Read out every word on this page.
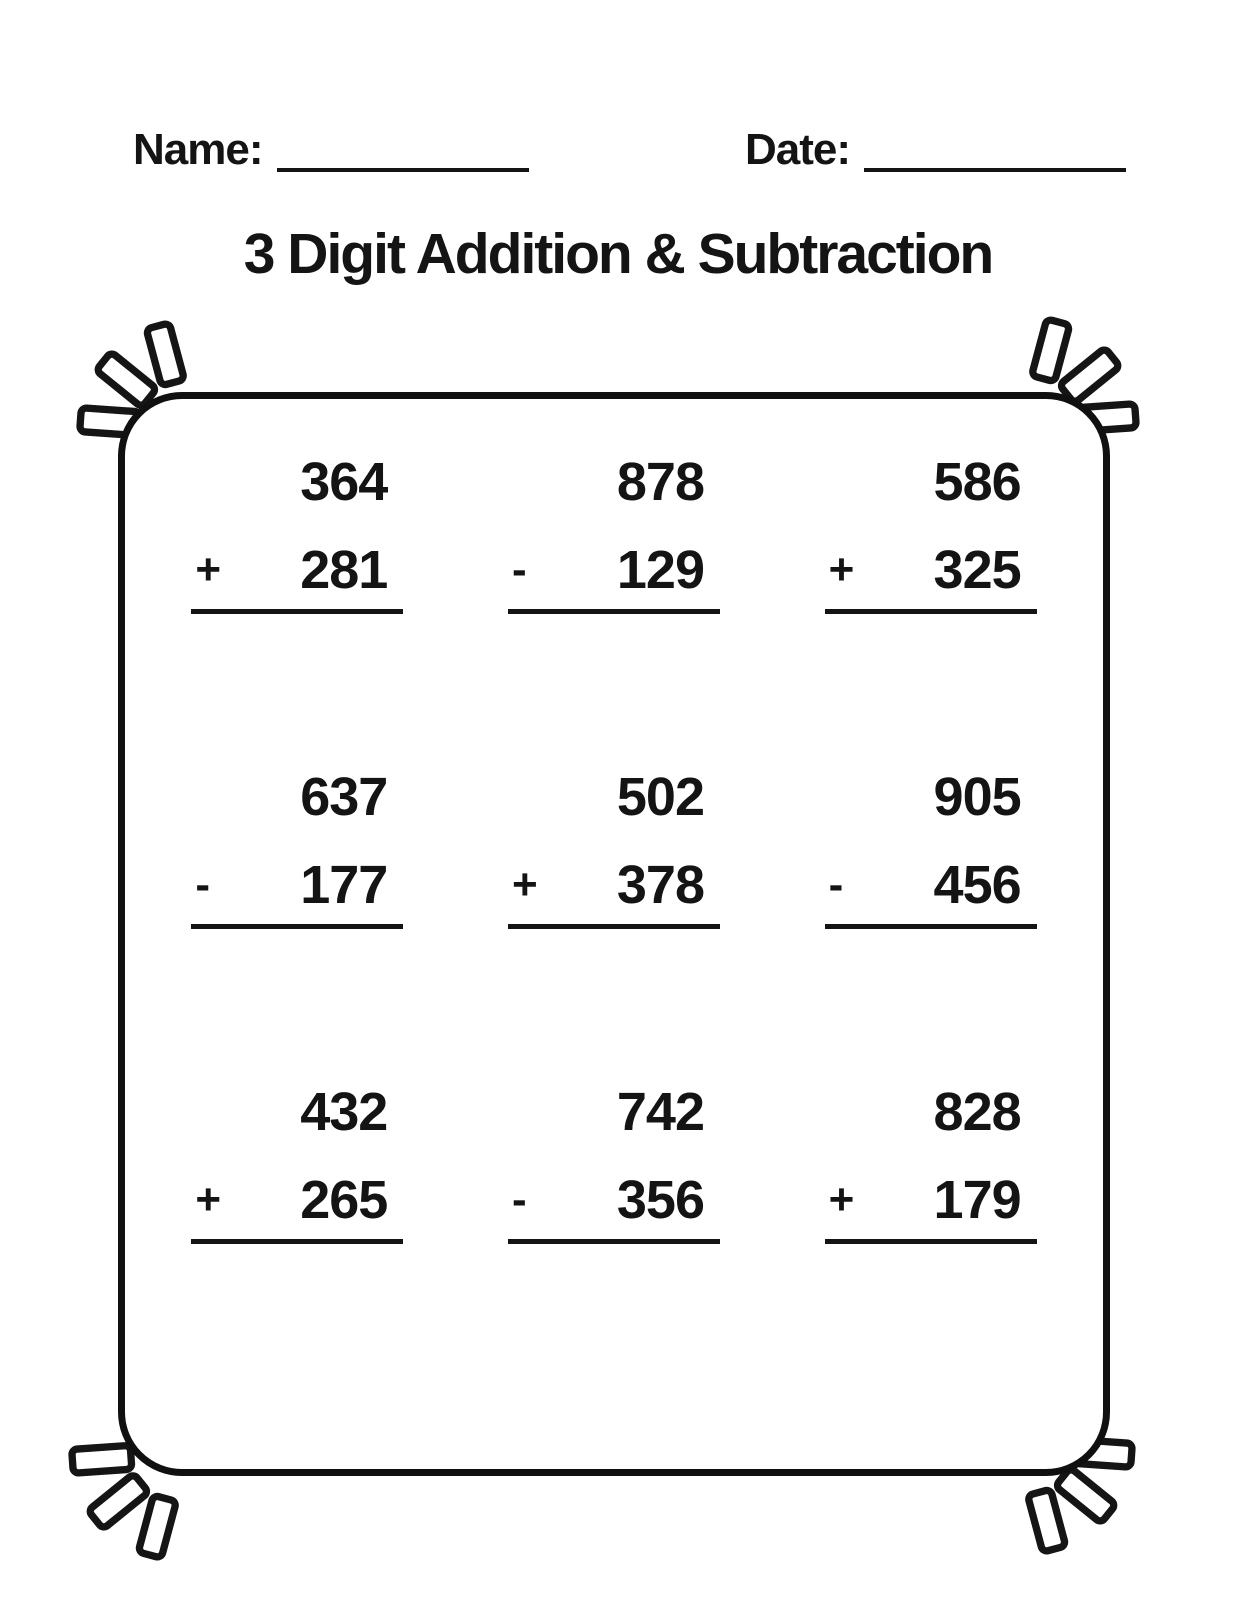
Name:	Date:
3 Digit Addition & Subtraction
364
+ 281
878
- 129
586
+ 325
637
- 177
502
+ 378
905
- 456
432
+ 265
742
- 356
828
+ 179
